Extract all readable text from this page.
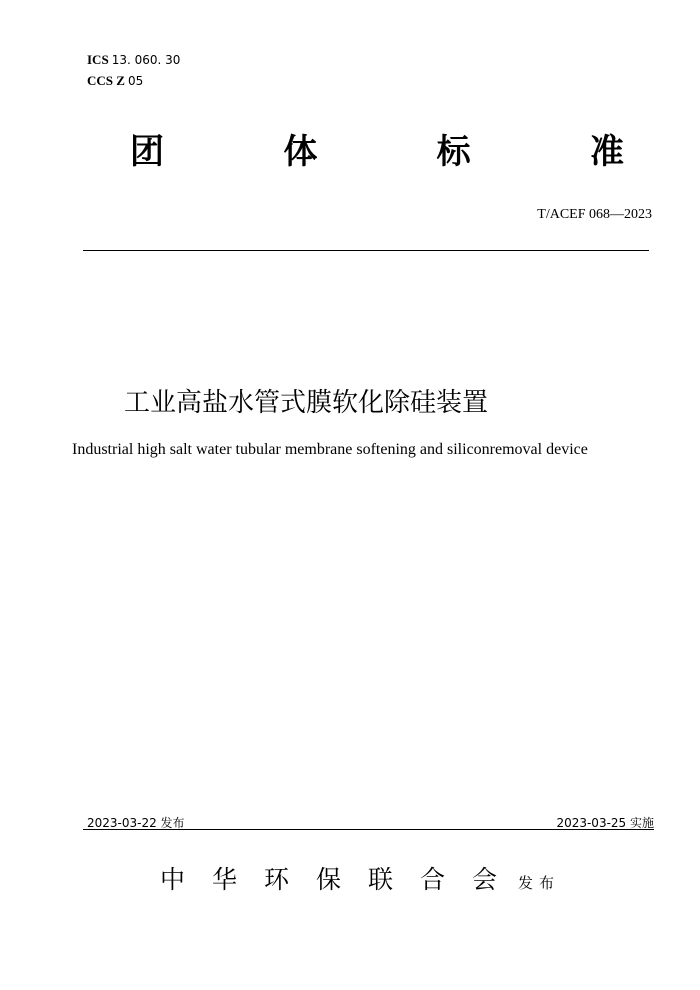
ICS 13. 060. 30
CCS Z 05
团	体	标	准
T/ACEF 068—2023
工业高盐水管式膜软化除硅装置
Industrial high salt water tubular membrane softening and siliconremoval device
2023-03-22 发布	2023-03-25 实施
中华环保联合会
发布
